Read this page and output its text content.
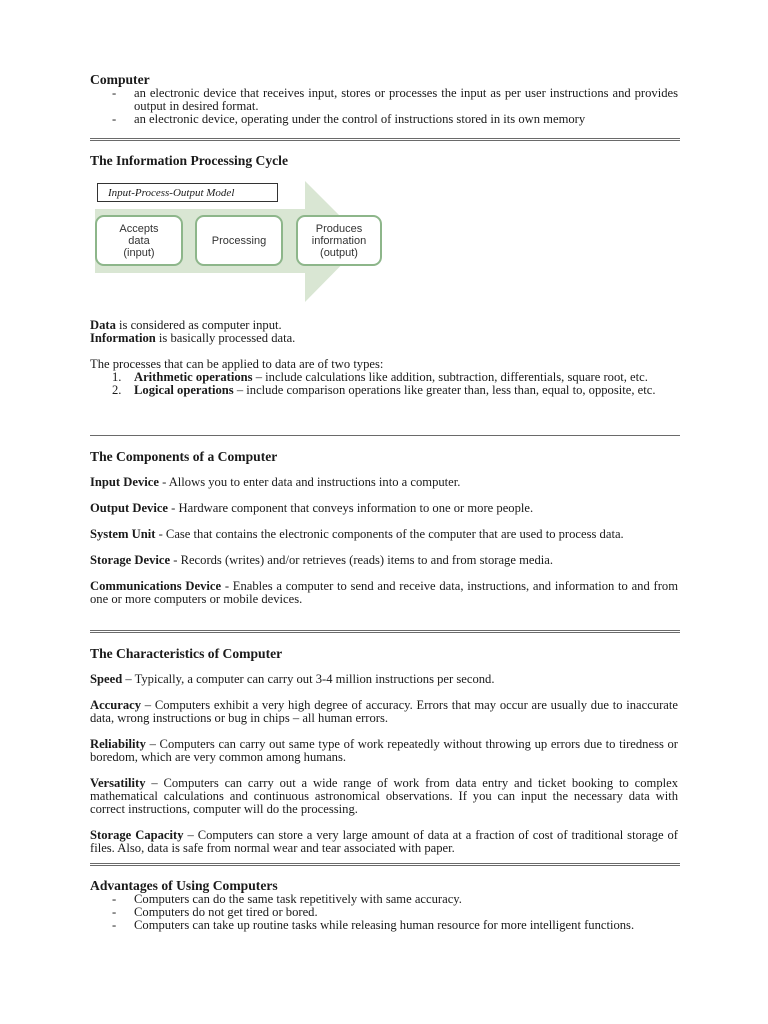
Computer
- an electronic device that receives input, stores or processes the input as per user instructions and provides output in desired format.
- an electronic device, operating under the control of instructions stored in its own memory
The Information Processing Cycle
Input-Process-Output Model
Accepts
data
(input)
Processing
Produces
information
(output)

Data is considered as computer input.

Information is basically processed data.

The processes that can be applied to data are of two types:

1. Arithmetic operations – include calculations like addition, subtraction, differentials, square root, etc.
2. Logical operations – include comparison operations like greater than, less than, equal to, opposite, etc.
The Components of a Computer

Input Device - Allows you to enter data and instructions into a computer.

Output Device - Hardware component that conveys information to one or more people.

System Unit - Case that contains the electronic components of the computer that are used to process data.

Storage Device - Records (writes) and/or retrieves (reads) items to and from storage media.

Communications Device - Enables a computer to send and receive data, instructions, and information to and from one or more computers or mobile devices.

The Characteristics of Computer

Speed – Typically, a computer can carry out 3-4 million instructions per second.

Accuracy – Computers exhibit a very high degree of accuracy. Errors that may occur are usually due to inaccurate data, wrong instructions or bug in chips – all human errors.

Reliability – Computers can carry out same type of work repeatedly without throwing up errors due to tiredness or boredom, which are very common among humans.

Versatility – Computers can carry out a wide range of work from data entry and ticket booking to complex mathematical calculations and continuous astronomical observations. If you can input the necessary data with correct instructions, computer will do the processing.

Storage Capacity – Computers can store a very large amount of data at a fraction of cost of traditional storage of files. Also, data is safe from normal wear and tear associated with paper.

Advantages of Using Computers
- Computers can do the same task repetitively with same accuracy.
- Computers do not get tired or bored.
- Computers can take up routine tasks while releasing human resource for more intelligent functions.
